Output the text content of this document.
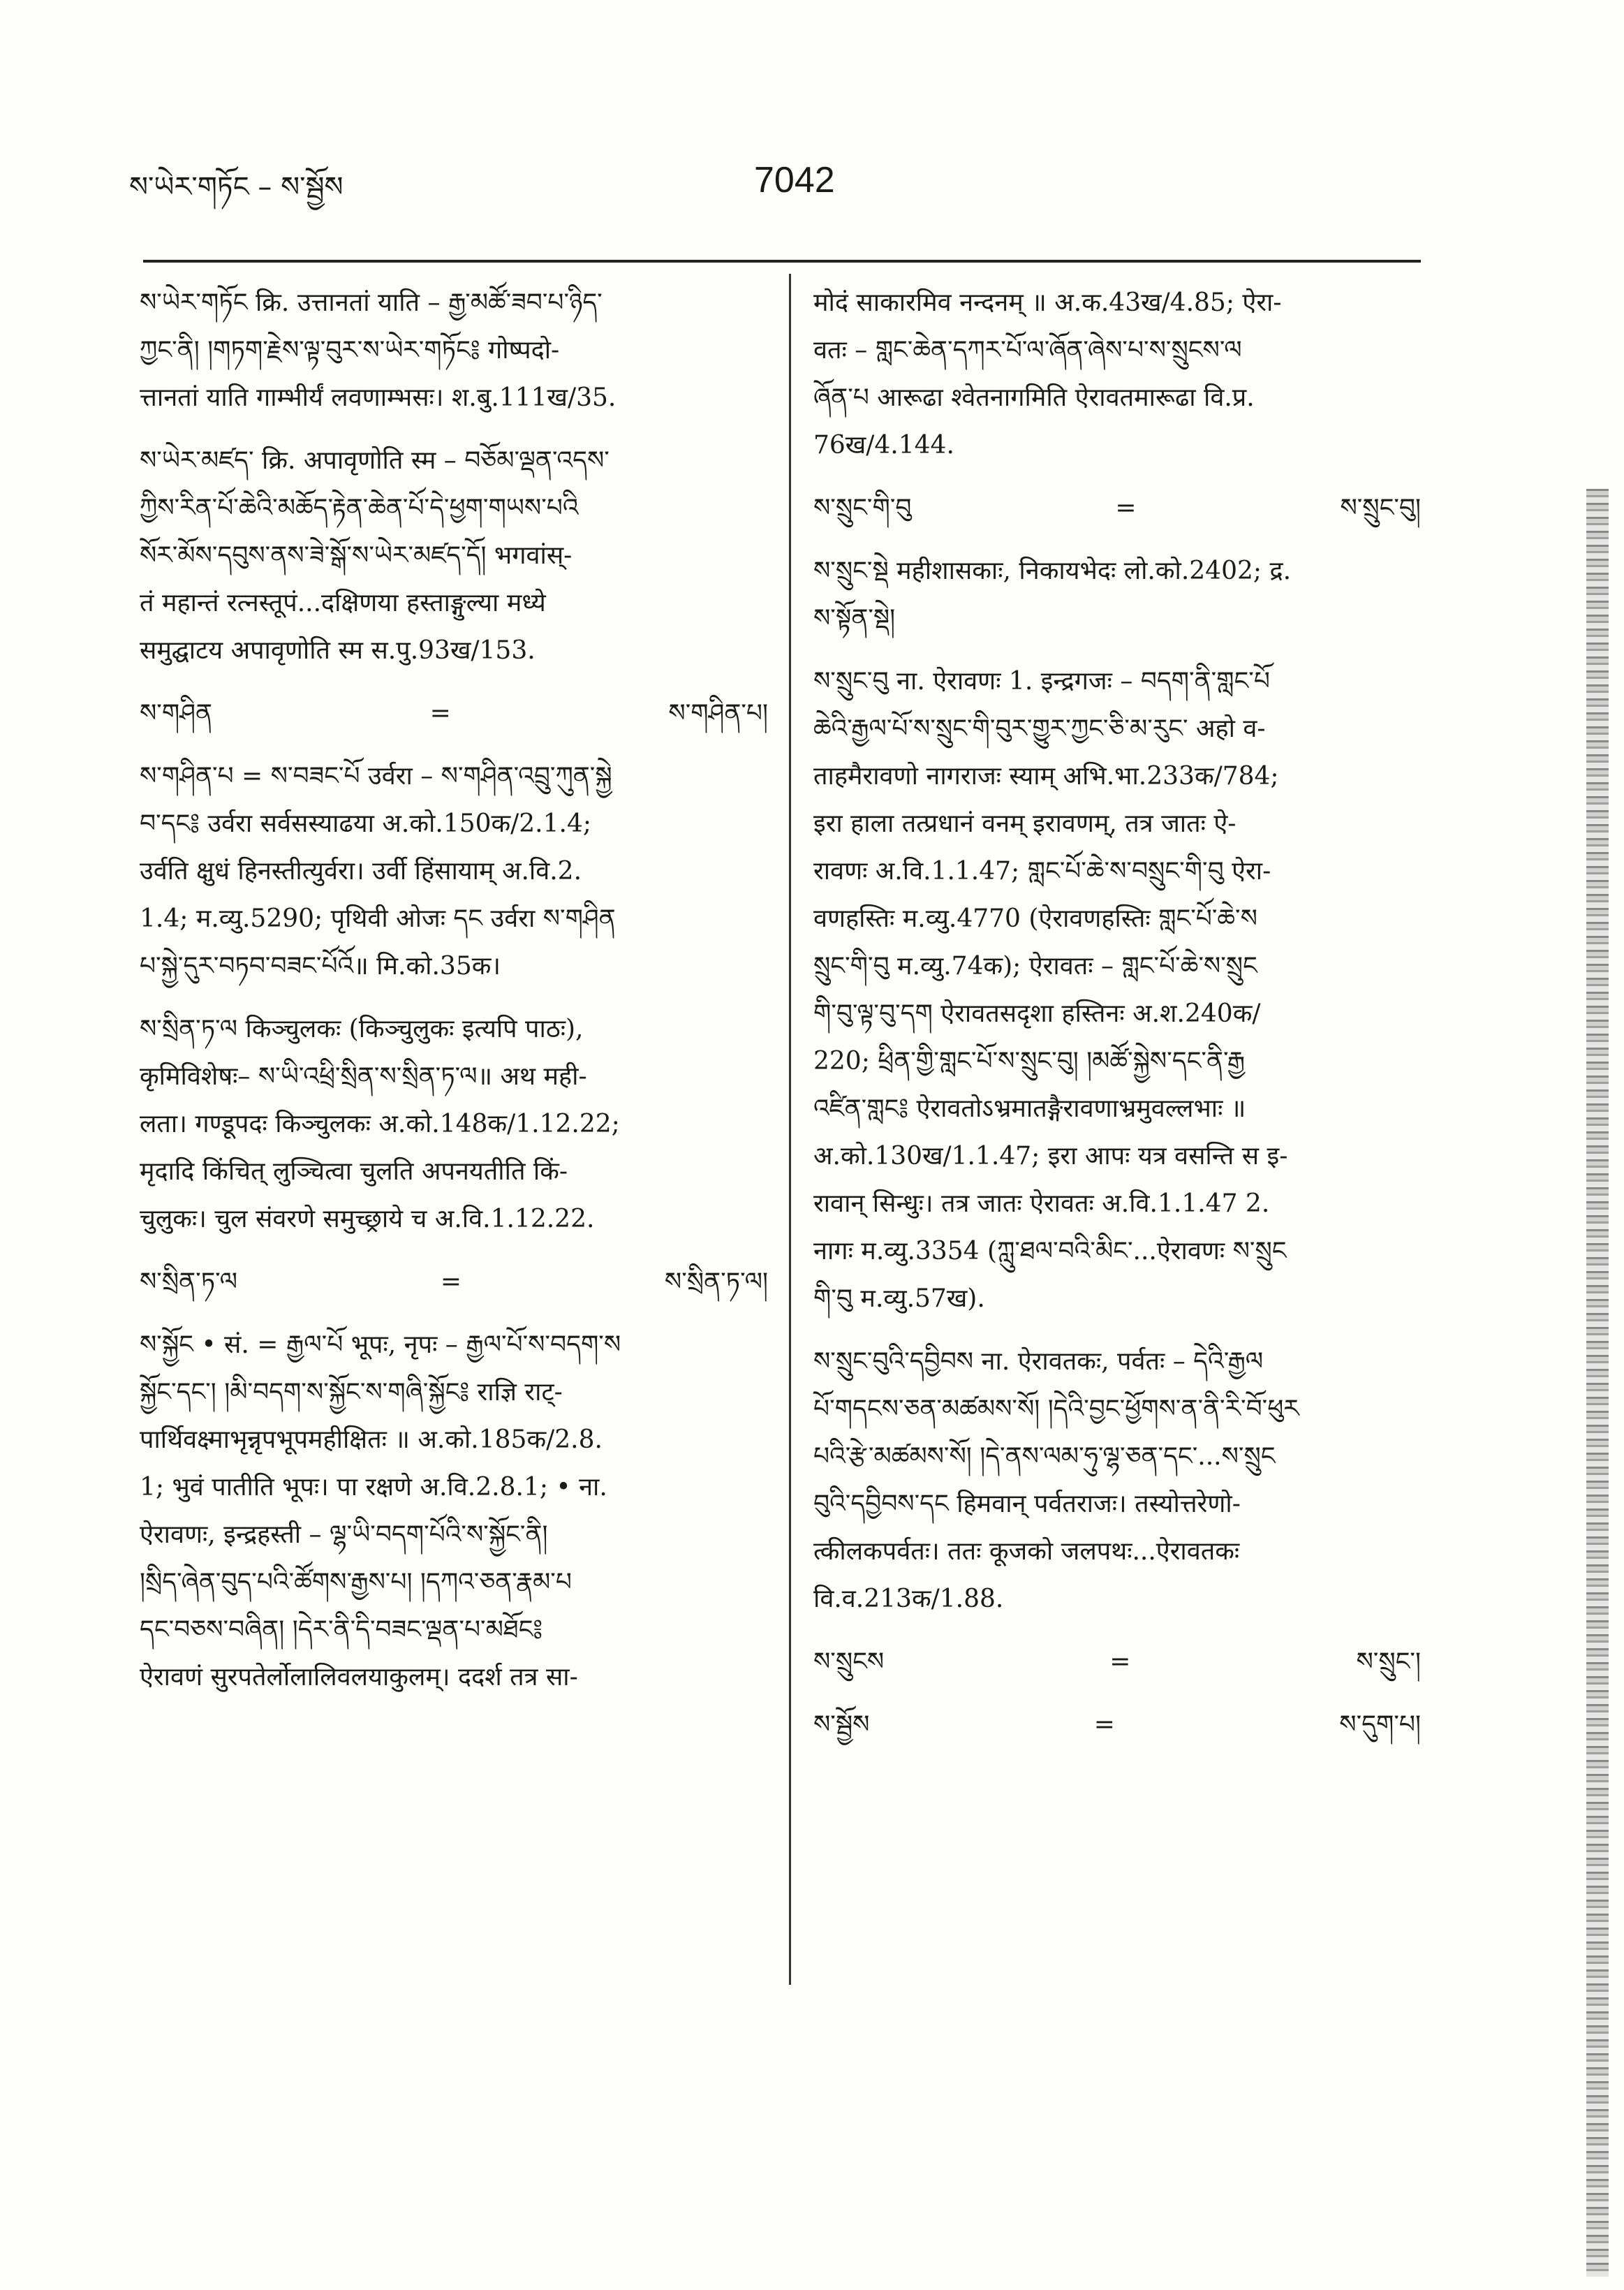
ས་ཡེར་གཏོང – ས་སྦྱོས	7042

ས་ཡེར་གཏོང क्रि. उत्तानतां याति – རྒྱ་མཚོ་ཟབ་པ་ཉིད་

ཀྱང་ནི། །གཏག་རྗེས་ལྟ་བུར་ས་ཡེར་གཏོང༔ गोष्पदो-

त्तानतां याति गाम्भीर्यं लवणाम्भसः। श.बु.111ख/35.

ས་ཡེར་མཛད་ क्रि. अपावृणोति स्म – བཅོམ་ལྡན་འདས་

ཀྱིས་རིན་པོ་ཆེའི་མཆོད་རྟེན་ཆེན་པོ་དེ་ཕྱག་གཡས་པའི

སོར་མོས་དབུས་ནས་ཟེ་སྒོ་ས་ཡེར་མཛད་དོ། भगवांस्-

तं महान्तं रत्नस्तूपं...दक्षिणया हस्ताङ्गुल्या मध्ये

समुद्घाटय अपावृणोति स्म स.पु.93ख/153.

ས་གཤིན	=	ས་གཤིན་པ།

ས་གཤིན་པ = ས་བཟང་པོ उर्वरा – ས་གཤིན་འབྲུ་ཀུན་སྐྱེ

བ་དང༔ उर्वरा सर्वसस्याढया अ.को.150क/2.1.4;

उर्वति क्षुधं हिनस्तीत्युर्वरा। उर्वी हिंसायाम् अ.वि.2.

1.4; म.व्यु.5290; पृथिवी ओजः དང उर्वरा ས་གཤིན

པ་སྐྱེ་དུར་བཏབ་བཟང་པོའོ॥ मि.को.35क।

ས་སྲིན་ཏ་ལ किञ्चुलकः (किञ्चुलुकः इत्यपि पाठः),

कृमिविशेषः– ས་ཡི་འཕྲི་སྲིན་ས་སྲིན་ཏ་ལ॥ अथ मही-

लता। गण्डूपदः किञ्चुलकः अ.को.148क/1.12.22;

मृदादि किंचित् लुञ्चित्वा चुलति अपनयतीति किं-

चुलुकः। चुल संवरणे समुच्छ्राये च अ.वि.1.12.22.

ས་སྲིན་ཏ་ལ	=	ས་སྲིན་ཏ་ལ།

ས་སྐྱོང • सं. = རྒྱལ་པོ भूपः, नृपः – རྒྱལ་པོ་ས་བདག་ས

སྐྱོང་དང་། །མི་བདག་ས་སྐྱོང་ས་གཞི་སྐྱོང༔ राज्ञि राट्-

पार्थिवक्ष्माभृन्नृपभूपमहीक्षितः ॥ अ.को.185क/2.8.

1; भुवं पातीति भूपः। पा रक्षणे अ.वि.2.8.1; • ना.

ऐरावणः, इन्द्रहस्ती – ལྷ་ཡི་བདག་པོའི་ས་སྐྱོང་ནི།

།སྲིད་ཞེན་བུད་པའི་ཚོགས་རྒྱས་པ། །དཀའ་ཅན་རྣམ་པ

དང་བཅས་བཞིན། །དེར་ནི་དི་བཟང་ལྡན་པ་མཐོང༔

ऐरावणं सुरपतेर्लोलालिवलयाकुलम्। ददर्श तत्र सा-

मोदं साकारमिव नन्दनम् ॥ अ.क.43ख/4.85; ऐरा-

वतः – གླང་ཆེན་དཀར་པོ་ལ་ཞོན་ཞེས་པ་ས་སྲུངས་ལ

ཞོན་པ आरूढा श्वेतनागमिति ऐरावतमारूढा वि.प्र.

76ख/4.144.

ས་སྲུང་གི་བུ	=	ས་སྲུང་བུ།

ས་སྲུང་སྡེ महीशासकाः, निकायभेदः लो.को.2402; द्र.

ས་སྟོན་སྡེ།

ས་སྲུང་བུ ना. ऐरावणः 1. इन्द्रगजः – བདག་ནི་གླང་པོ

ཆེའི་རྒྱལ་པོ་ས་སྲུང་གི་བུར་གྱུར་ཀྱང་ཅི་མ་རུང་ अहो व-

ताहमैरावणो नागराजः स्याम् अभि.भा.233क/784;

इरा हाला तत्प्रधानं वनम् इरावणम्, तत्र जातः ऐ-

रावणः अ.वि.1.1.47; གླང་པོ་ཆེ་ས་བསྲུང་གི་བུ ऐरा-

वणहस्तिः म.व्यु.4770 (ऐरावणहस्तिः གླང་པོ་ཆེ་ས

སྲུང་གི་བུ म.व्यु.74क); ऐरावतः – གླང་པོ་ཆེ་ས་སྲུང

གི་བུ་ལྟ་བུ་དག ऐरावतसदृशा हस्तिनः अ.श.240क/

220; ཕྲིན་གྱི་གླང་པོ་ས་སྲུང་བུ། །མཚོ་སྐྱེས་དང་ནི་རྒྱ

འཛིན་གླང༔ ऐरावतोऽभ्रमातङ्गैरावणाभ्रमुवल्लभाः ॥

अ.को.130ख/1.1.47; इरा आपः यत्र वसन्ति स इ-

रावान् सिन्धुः। तत्र जातः ऐरावतः अ.वि.1.1.47 2.

नागः म.व्यु.3354 (ཀླུ་ཐལ་བའི་མིང་...ऐरावणः ས་སྲུང

གི་བུ म.व्यु.57ख).

ས་སྲུང་བུའི་དབྱིབས ना. ऐरावतकः, पर्वतः – དེའི་རྒྱལ

པོ་གདངས་ཅན་མཚམས་སོ། །དེའི་བྱང་ཕྱོགས་ན་ནི་རི་བོ་ཕུར

པའི་རྩེ་མཚམས་སོ། །དེ་ནས་ལམ་ཧུ་ལྷ་ཅན་དང་...ས་སྲུང

བུའི་དབྱིབས་དང हिमवान् पर्वतराजः। तस्योत्तरेणो-

त्कीलकपर्वतः। ततः कूजको जलपथः...ऐरावतकः

वि.व.213क/1.88.

ས་སྲུངས	=	ས་སྲུང་།
ས་སྦྱོས	=	ས་དུག་པ།
